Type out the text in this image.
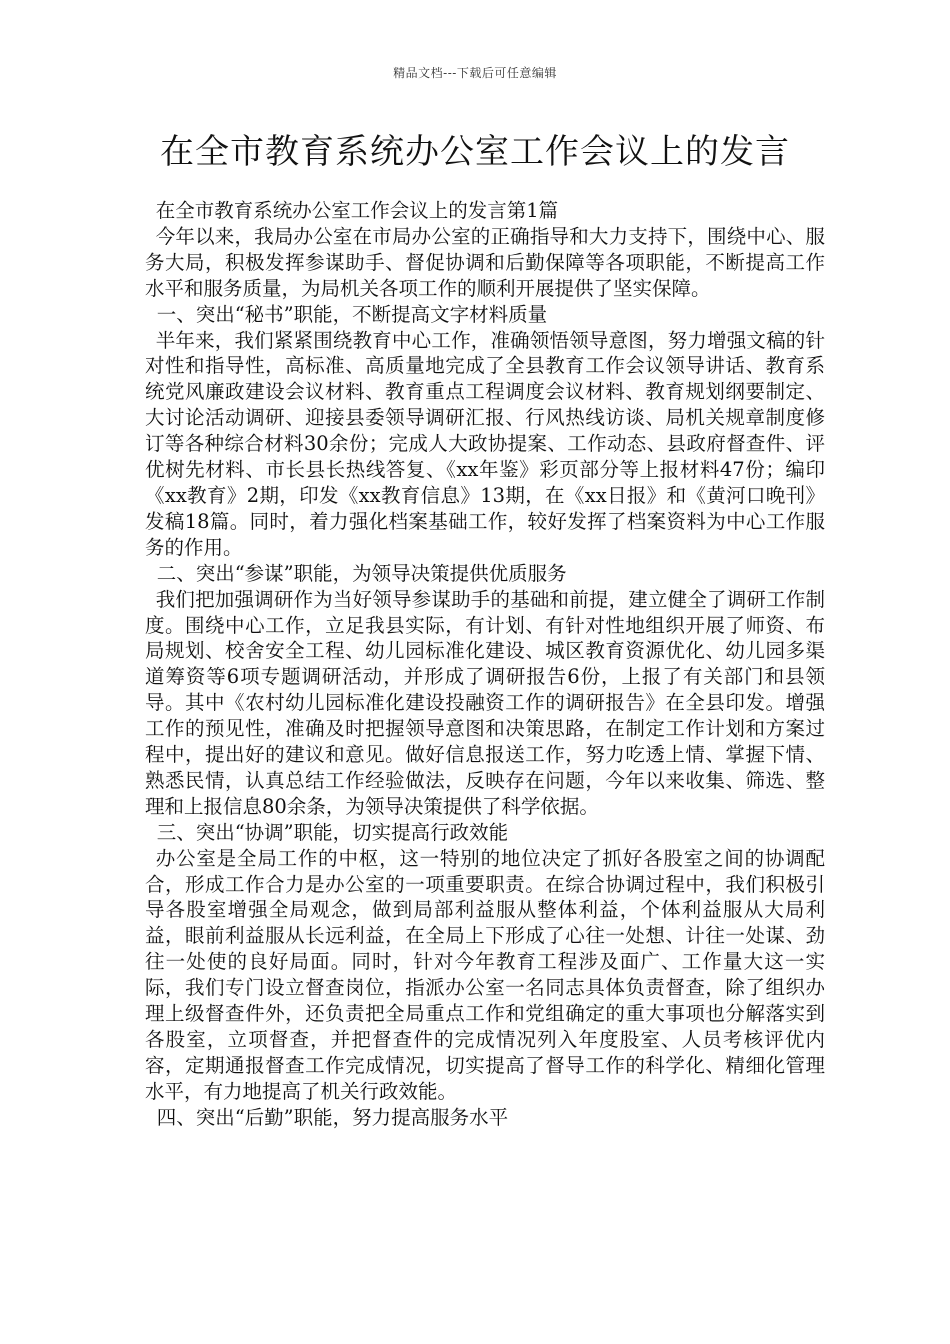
精品文档---下载后可任意编辑
在全市教育系统办公室工作会议上的发言

在全市教育系统办公室工作会议上的发言第1篇

今年以来，我局办公室在市局办公室的正确指导和大力支持下，围绕中心、服务大局，积极发挥参谋助手、督促协调和后勤保障等各项职能，不断提高工作水平和服务质量，为局机关各项工作的顺利开展提供了坚实保障。

一、突出“秘书”职能，不断提高文字材料质量

半年来，我们紧紧围绕教育中心工作，准确领悟领导意图，努力增强文稿的针对性和指导性，高标准、高质量地完成了全县教育工作会议领导讲话、教育系统党风廉政建设会议材料、教育重点工程调度会议材料、教育规划纲要制定、大讨论活动调研、迎接县委领导调研汇报、行风热线访谈、局机关规章制度修订等各种综合材料30余份；完成人大政协提案、工作动态、县政府督查件、评优树先材料、市长县长热线答复、《xx年鉴》彩页部分等上报材料47份；编印《xx教育》2期，印发《xx教育信息》13期，在《xx日报》和《黄河口晚刊》发稿18篇。同时，着力强化档案基础工作，较好发挥了档案资料为中心工作服务的作用。

二、突出“参谋”职能，为领导决策提供优质服务

我们把加强调研作为当好领导参谋助手的基础和前提，建立健全了调研工作制度。围绕中心工作，立足我县实际，有计划、有针对性地组织开展了师资、布局规划、校舍安全工程、幼儿园标准化建设、城区教育资源优化、幼儿园多渠道筹资等6项专题调研活动，并形成了调研报告6份，上报了有关部门和县领导。其中《农村幼儿园标准化建设投融资工作的调研报告》在全县印发。增强工作的预见性，准确及时把握领导意图和决策思路，在制定工作计划和方案过程中，提出好的建议和意见。做好信息报送工作，努力吃透上情、掌握下情、熟悉民情，认真总结工作经验做法，反映存在问题，今年以来收集、筛选、整理和上报信息80余条，为领导决策提供了科学依据。

三、突出“协调”职能，切实提高行政效能

办公室是全局工作的中枢，这一特别的地位决定了抓好各股室之间的协调配合，形成工作合力是办公室的一项重要职责。在综合协调过程中，我们积极引导各股室增强全局观念，做到局部利益服从整体利益，个体利益服从大局利益，眼前利益服从长远利益，在全局上下形成了心往一处想、计往一处谋、劲往一处使的良好局面。同时，针对今年教育工程涉及面广、工作量大这一实际，我们专门设立督查岗位，指派办公室一名同志具体负责督查，除了组织办理上级督查件外，还负责把全局重点工作和党组确定的重大事项也分解落实到各股室，立项督查，并把督查件的完成情况列入年度股室、人员考核评优内容，定期通报督查工作完成情况，切实提高了督导工作的科学化、精细化管理水平，有力地提高了机关行政效能。

四、突出“后勤”职能，努力提高服务水平
